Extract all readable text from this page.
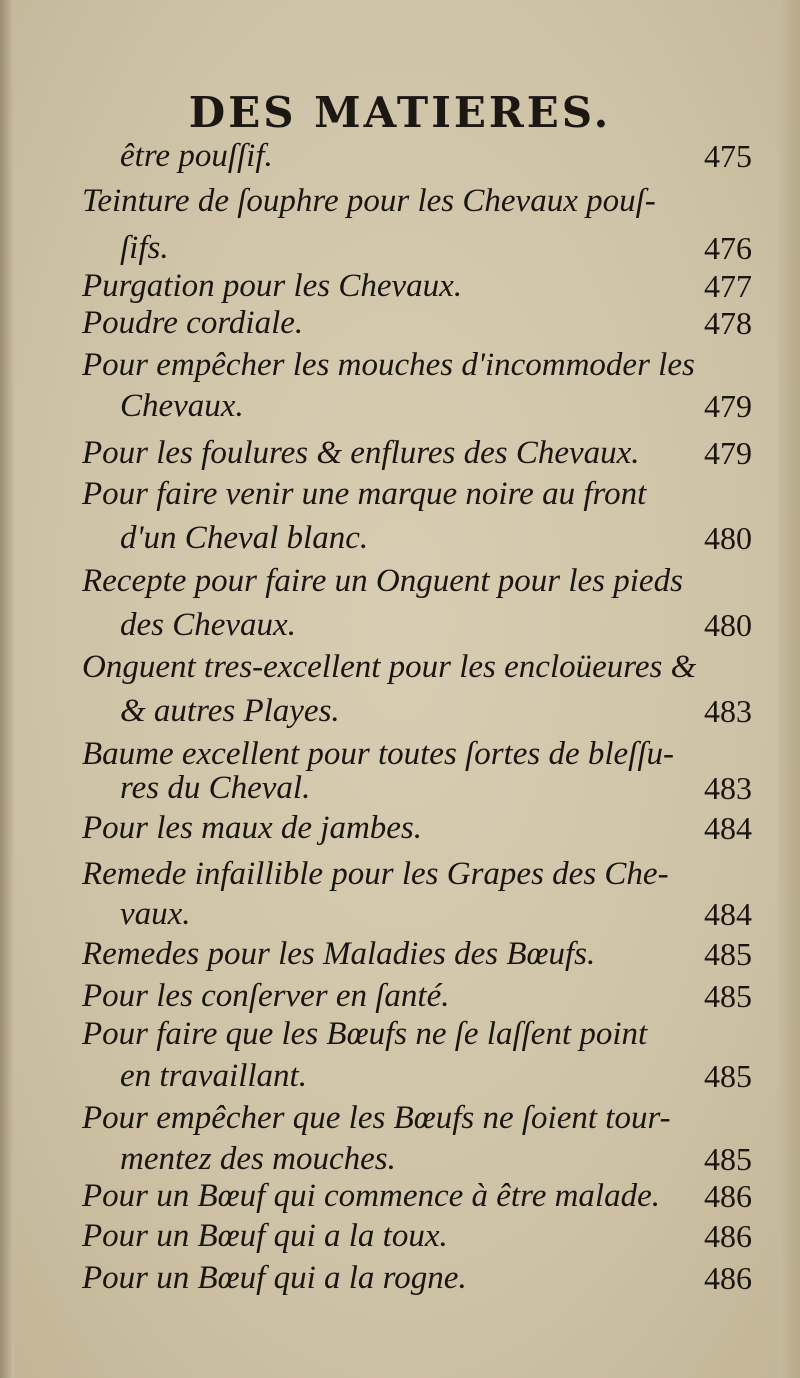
DES MATIERES.
être pouſſif.	475
Teinture de ſouphre pour les Chevaux pouſ-
ſifs.	476
Purgation pour les Chevaux.	477
Poudre cordiale.	478
Pour empêcher les mouches d'incommoder les
Chevaux.	479
Pour les foulures & enflures des Chevaux. 479
Pour faire venir une marque noire au front
d'un Cheval blanc.	480
Recepte pour faire un Onguent pour les pieds
des Chevaux.	480
Onguent tres-excellent pour les encloüeures &
& autres Playes.	483
Baume excellent pour toutes ſortes de bleſſu-
res du Cheval.	483
Pour les maux de jambes.	484
Remede infaillible pour les Grapes des Che-
vaux.	484
Remedes pour les Maladies des Bœufs.	485
Pour les conſerver en ſanté.	485
Pour faire que les Bœufs ne ſe laſſent point
en travaillant.	485
Pour empêcher que les Bœufs ne ſoient tour-
mentez des mouches.	485
Pour un Bœuf qui commence à être malade. 486
Pour un Bœuf qui a la toux.	486
Pour un Bœuf qui a la rogne.	486
